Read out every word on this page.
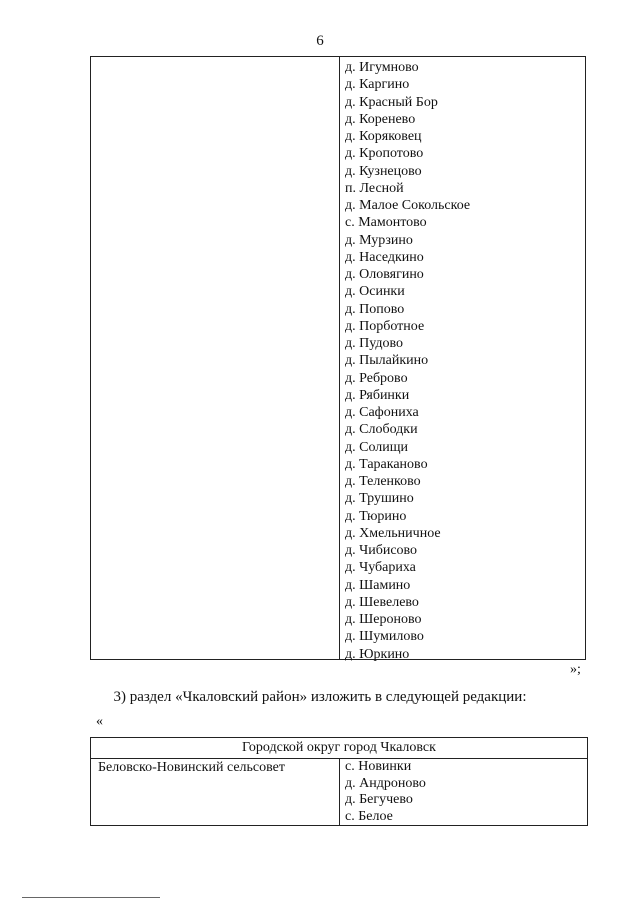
6
д. Игумново
д. Каргино
д. Красный Бор
д. Коренево
д. Коряковец
д. Кропотово
д. Кузнецово
п. Лесной
д. Малое Сокольское
с. Мамонтово
д. Мурзино
д. Наседкино
д. Оловягино
д. Осинки
д. Попово
д. Порботное
д. Пудово
д. Пылайкино
д. Реброво
д. Рябинки
д. Сафониха
д. Слободки
д. Солищи
д. Тараканово
д. Теленково
д. Трушино
д. Тюрино
д. Хмельничное
д. Чибисово
д. Чубариха
д. Шамино
д. Шевелево
д. Шероново
д. Шумилово
д. Юркино
»;
3) раздел «Чкаловский район» изложить в следующей редакции:
«
Городской округ город Чкаловск
Беловско-Новинский сельсовет	с. Новинки
д. Андроново
д. Бегучево
с. Белое
